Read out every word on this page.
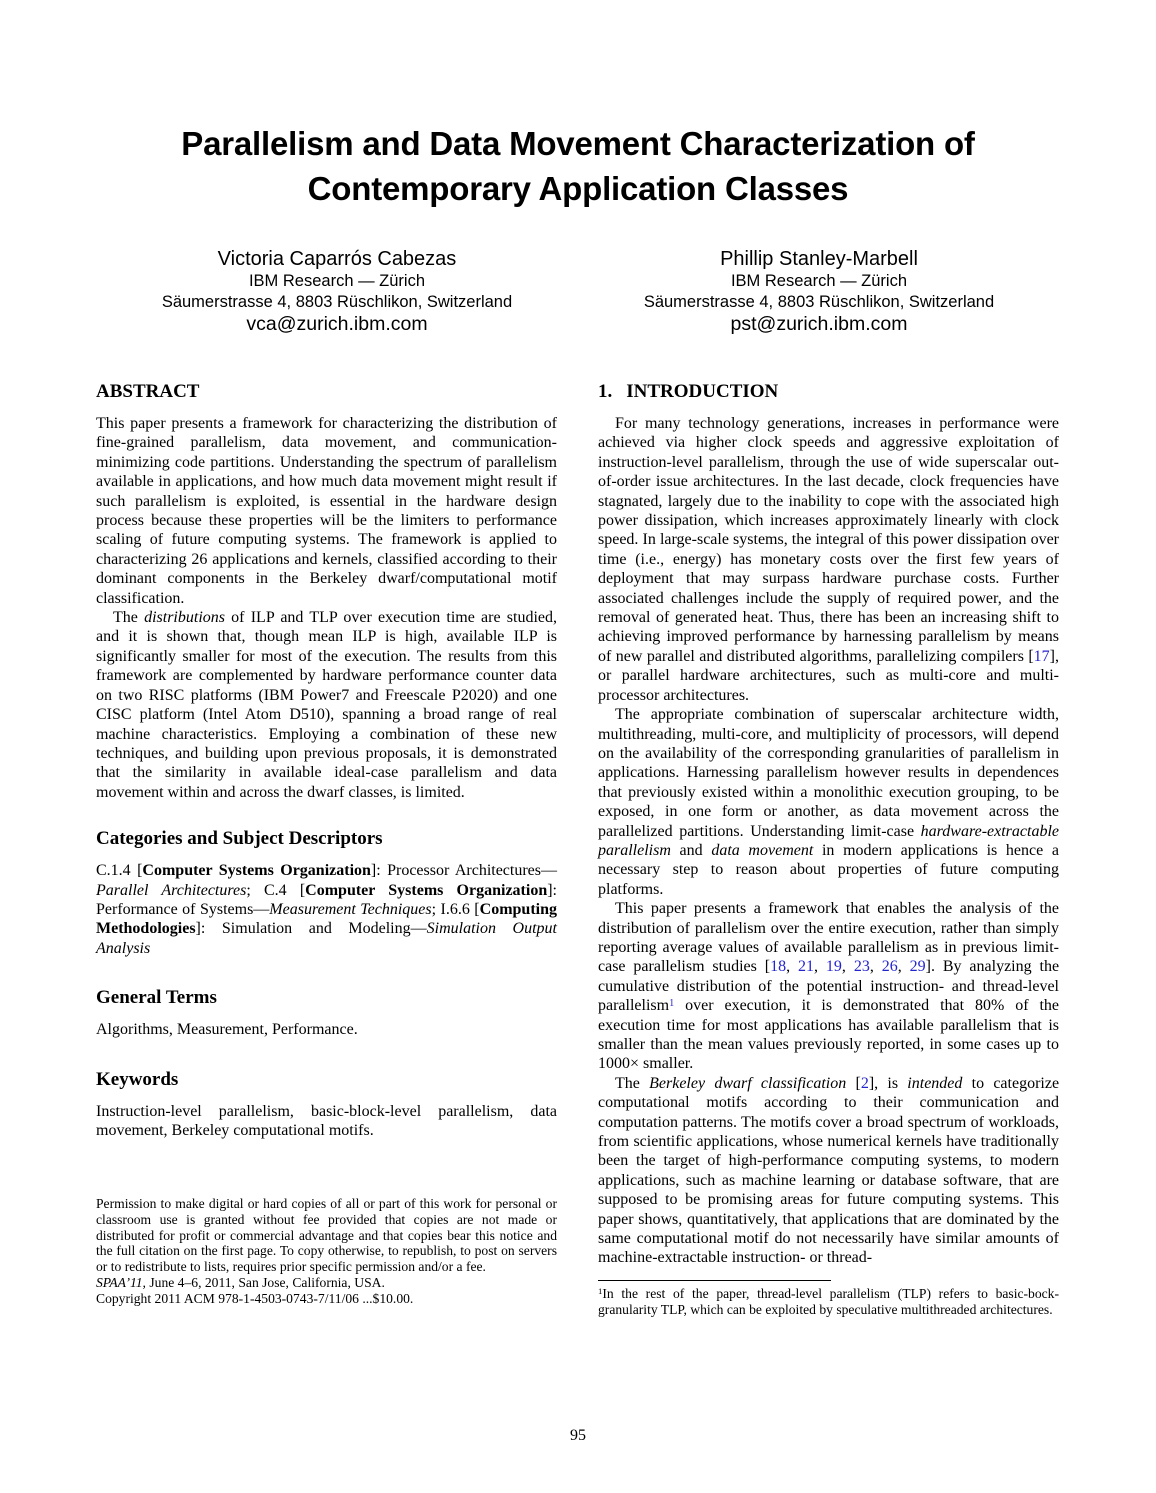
Parallelism and Data Movement Characterization of
Contemporary Application Classes
Victoria Caparrós Cabezas
IBM Research — Zürich
Säumerstrasse 4, 8803 Rüschlikon, Switzerland
vca@zurich.ibm.com
Phillip Stanley-Marbell
IBM Research — Zürich
Säumerstrasse 4, 8803 Rüschlikon, Switzerland
pst@zurich.ibm.com
ABSTRACT

This paper presents a framework for characterizing the distribution of fine-grained parallelism, data movement, and communication-minimizing code partitions. Understanding the spectrum of parallelism available in applications, and how much data movement might result if such parallelism is exploited, is essential in the hardware design process because these properties will be the limiters to performance scaling of future computing systems. The framework is applied to characterizing 26 applications and kernels, classified according to their dominant components in the Berkeley dwarf/computational motif classification.

The distributions of ILP and TLP over execution time are studied, and it is shown that, though mean ILP is high, available ILP is significantly smaller for most of the execution. The results from this framework are complemented by hardware performance counter data on two RISC platforms (IBM Power7 and Freescale P2020) and one CISC platform (Intel Atom D510), spanning a broad range of real machine characteristics. Employing a combination of these new techniques, and building upon previous proposals, it is demonstrated that the similarity in available ideal-case parallelism and data movement within and across the dwarf classes, is limited.

Categories and Subject Descriptors

C.1.4 [Computer Systems Organization]: Processor Architectures—Parallel Architectures; C.4 [Computer Systems Organization]: Performance of Systems—Measurement Techniques; I.6.6 [Computing Methodologies]: Simulation and Modeling—Simulation Output Analysis

General Terms

Algorithms, Measurement, Performance.

Keywords

Instruction-level parallelism, basic-block-level parallelism, data movement, Berkeley computational motifs.

Permission to make digital or hard copies of all or part of this work for personal or classroom use is granted without fee provided that copies are not made or distributed for profit or commercial advantage and that copies bear this notice and the full citation on the first page. To copy otherwise, to republish, to post on servers or to redistribute to lists, requires prior specific permission and/or a fee.

SPAA’11, June 4–6, 2011, San Jose, California, USA.

Copyright 2011 ACM 978-1-4503-0743-7/11/06 ...$10.00.

1. INTRODUCTION

For many technology generations, increases in performance were achieved via higher clock speeds and aggressive exploitation of instruction-level parallelism, through the use of wide superscalar out-of-order issue architectures. In the last decade, clock frequencies have stagnated, largely due to the inability to cope with the associated high power dissipation, which increases approximately linearly with clock speed. In large-scale systems, the integral of this power dissipation over time (i.e., energy) has monetary costs over the first few years of deployment that may surpass hardware purchase costs. Further associated challenges include the supply of required power, and the removal of generated heat. Thus, there has been an increasing shift to achieving improved performance by harnessing parallelism by means of new parallel and distributed algorithms, parallelizing compilers [17], or parallel hardware architectures, such as multi-core and multi-processor architectures.

The appropriate combination of superscalar architecture width, multithreading, multi-core, and multiplicity of processors, will depend on the availability of the corresponding granularities of parallelism in applications. Harnessing parallelism however results in dependences that previously existed within a monolithic execution grouping, to be exposed, in one form or another, as data movement across the parallelized partitions. Understanding limit-case hardware-extractable parallelism and data movement in modern applications is hence a necessary step to reason about properties of future computing platforms.

This paper presents a framework that enables the analysis of the distribution of parallelism over the entire execution, rather than simply reporting average values of available parallelism as in previous limit-case parallelism studies [18, 21, 19, 23, 26, 29]. By analyzing the cumulative distribution of the potential instruction- and thread-level parallelism$^1$ over execution, it is demonstrated that 80% of the execution time for most applications has available parallelism that is smaller than the mean values previously reported, in some cases up to 1000× smaller.

The Berkeley dwarf classification [2], is intended to categorize computational motifs according to their communication and computation patterns. The motifs cover a broad spectrum of workloads, from scientific applications, whose numerical kernels have traditionally been the target of high-performance computing systems, to modern applications, such as machine learning or database software, that are supposed to be promising areas for future computing systems. This paper shows, quantitatively, that applications that are dominated by the same computational motif do not necessarily have similar amounts of machine-extractable instruction- or thread-

$^1$In the rest of the paper, thread-level parallelism (TLP) refers to basic-bock-granularity TLP, which can be exploited by speculative multithreaded architectures.

95
